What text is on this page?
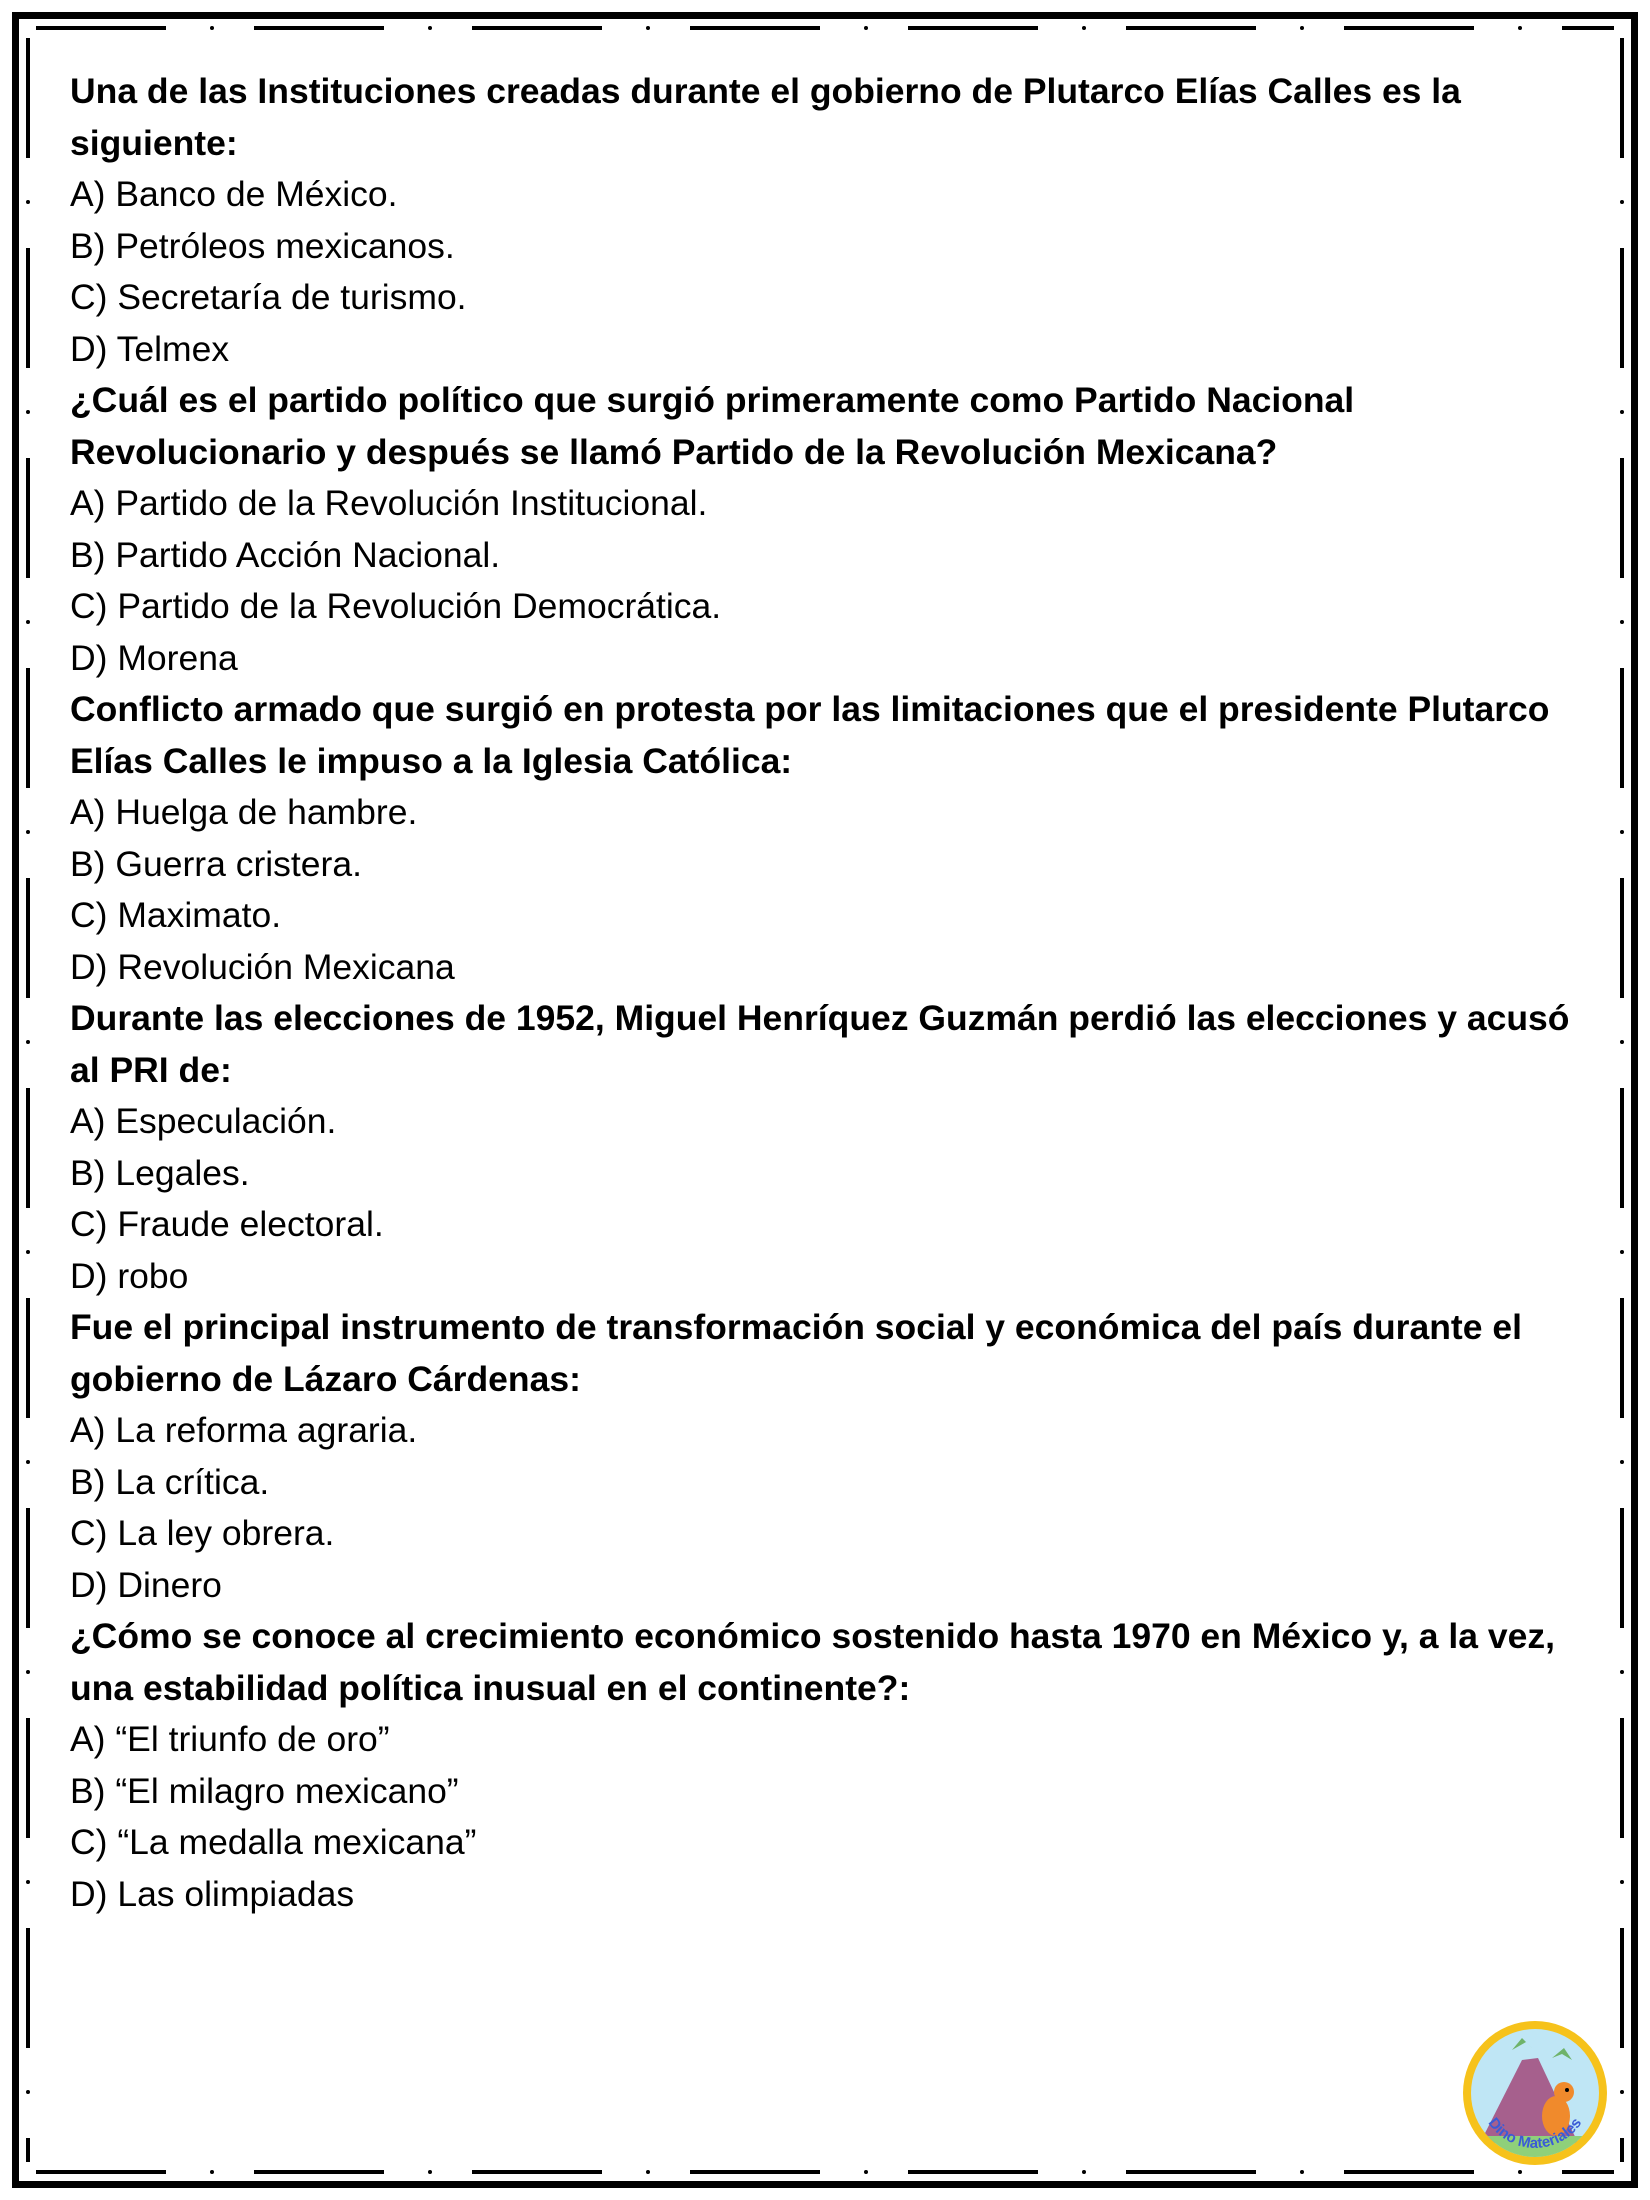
Una de las Instituciones creadas durante el gobierno de Plutarco Elías Calles es la siguiente:

A) Banco de México.

B) Petróleos mexicanos.

C) Secretaría de turismo.

D) Telmex

¿Cuál es el partido político que surgió primeramente como Partido Nacional Revolucionario y después se llamó Partido de la Revolución Mexicana?

A) Partido de la Revolución Institucional.

B) Partido Acción Nacional.

C) Partido de la Revolución Democrática.

D) Morena

Conflicto armado que surgió en protesta por las limitaciones que el presidente Plutarco Elías Calles le impuso a la Iglesia Católica:

A) Huelga de hambre.

B) Guerra cristera.

C) Maximato.

D) Revolución Mexicana

Durante las elecciones de 1952, Miguel Henríquez Guzmán perdió las elecciones y acusó al PRI de:

A) Especulación.

B) Legales.

C) Fraude electoral.

D) robo

Fue el principal instrumento de transformación social y económica del país durante el gobierno de Lázaro Cárdenas:

A) La reforma agraria.

B) La crítica.

C) La ley obrera.

D) Dinero

¿Cómo se conoce al crecimiento económico sostenido hasta 1970 en México y, a la vez, una estabilidad política inusual en el continente?:

A) “El triunfo de oro”

B) “El milagro mexicano”

C) “La medalla mexicana”

D) Las olimpiadas

Dino Materiales
